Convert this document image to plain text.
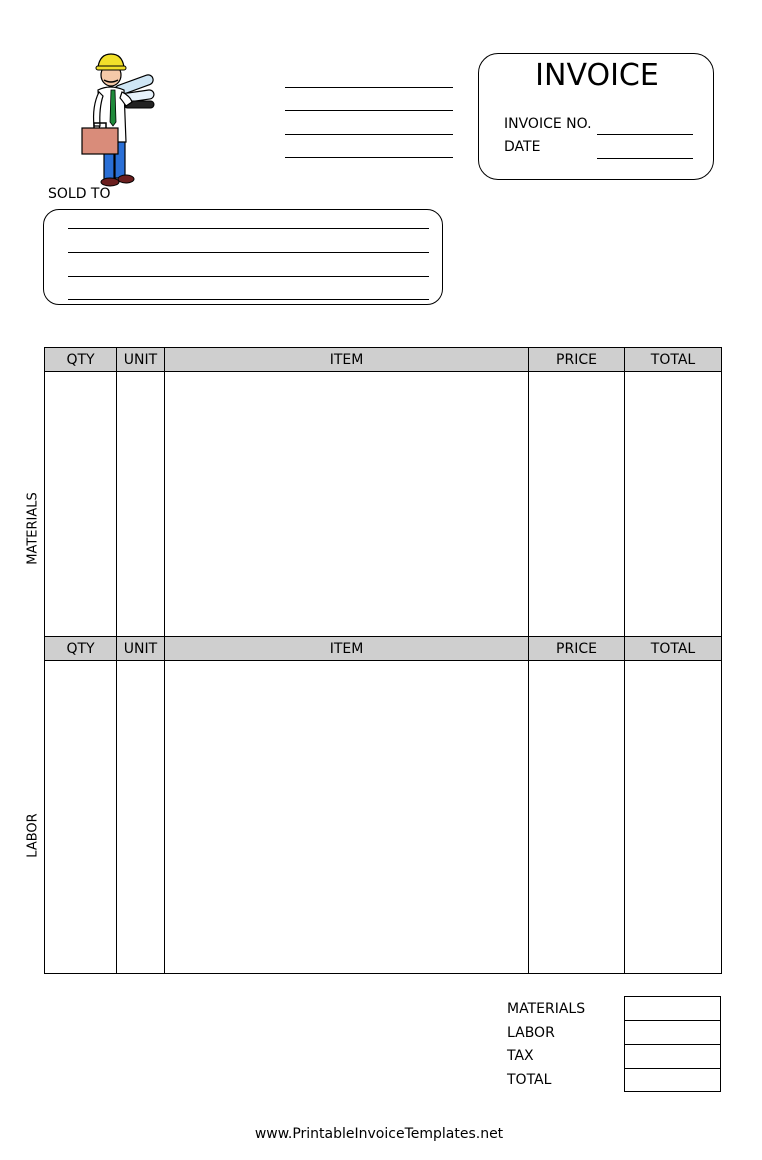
INVOICE
INVOICE NO.
DATE
SOLD TO
MATERIALS
LABOR
QTY	UNIT	ITEM	PRICE	TOTAL

QTY	UNIT	ITEM	PRICE	TOTAL

MATERIALS
LABOR
TAX
TOTAL
www.PrintableInvoiceTemplates.net
